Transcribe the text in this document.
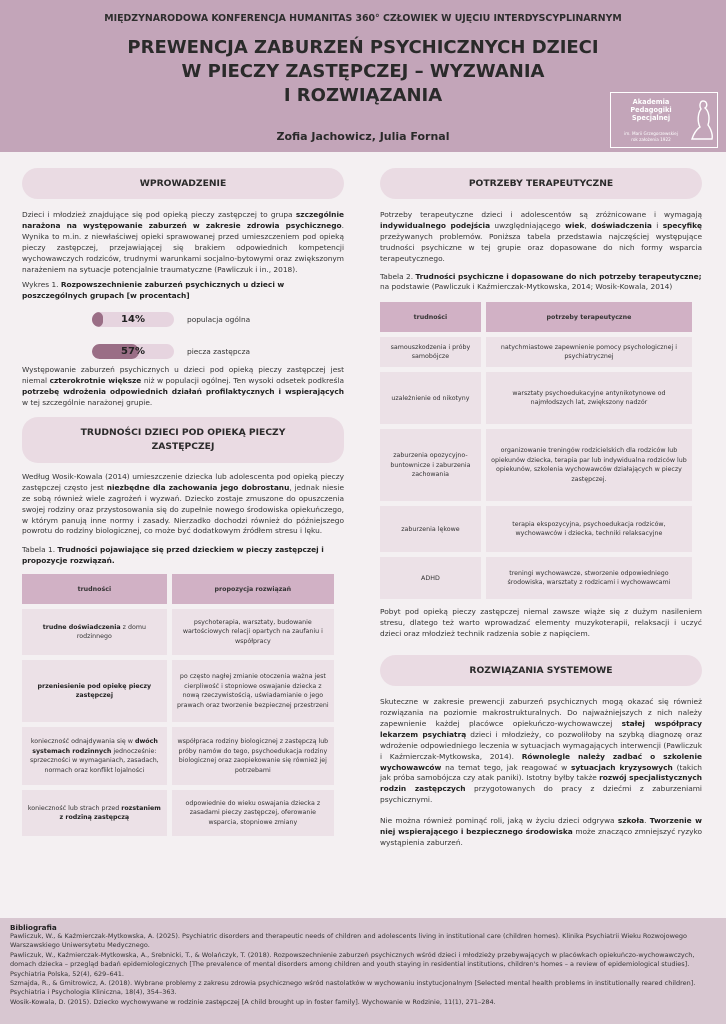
MIĘDZYNARODOWA KONFERENCJA HUMANITAS 360° CZŁOWIEK W UJĘCIU INTERDYSCYPLINARNYM
PREWENCJA ZABURZEŃ PSYCHICZNYCH DZIECI
W PIECZY ZASTĘPCZEJ – WYZWANIA
I ROZWIĄZANIA
Zofia Jachowicz, Julia Fornal
Akademia
Pedagogiki
Specjalnej
im. Marii Grzegorzewskiej
rok założenia 1922
WPROWADZENIE
Dzieci i młodzież znajdujące się pod opieką pieczy zastępczej to grupa szczególnie narażona na występowanie zaburzeń w zakresie zdrowia psychicznego. Wynika to m.in. z niewłaściwej opieki sprawowanej przed umieszczeniem pod opieką pieczy zastępczej, przejawiającej się brakiem odpowiednich kompetencji wychowawczych rodziców, trudnymi warunkami socjalno-bytowymi oraz zwiększonym narażeniem na sytuacje potencjalnie traumatyczne (Pawliczuk i in., 2018).
Wykres 1. Rozpowszechnienie zaburzeń psychicznych u dzieci w poszczególnych grupach [w procentach]
14%	populacja ogólna
57%	piecza zastępcza
Występowanie zaburzeń psychicznych u dzieci pod opieką pieczy zastępczej jest niemal czterokrotnie większe niż w populacji ogólnej. Ten wysoki odsetek podkreśla potrzebę wdrożenia odpowiednich działań profilaktycznych i wspierających w tej szczególnie narażonej grupie.
TRUDNOŚCI DZIECI POD OPIEKĄ PIECZY ZASTĘPCZEJ
Według Wosik-Kowala (2014) umieszczenie dziecka lub adolescenta pod opieką pieczy zastępczej często jest niezbędne dla zachowania jego dobrostanu, jednak niesie ze sobą również wiele zagrożeń i wyzwań. Dziecko zostaje zmuszone do opuszczenia swojej rodziny oraz przystosowania się do zupełnie nowego środowiska opiekuńczego, w którym panują inne normy i zasady. Nierzadko dochodzi również do późniejszego powrotu do rodziny biologicznej, co może być dodatkowym źródłem stresu i lęku.
Tabela 1. Trudności pojawiające się przed dzieckiem w pieczy zastępczej i propozycje rozwiązań.
trudności	propozycja rozwiązań
trudne doświadczenia z domu rodzinnego	psychoterapia, warsztaty, budowanie wartościowych relacji opartych na zaufaniu i współpracy
przeniesienie pod opiekę pieczy zastępczej	po często nagłej zmianie otoczenia ważna jest cierpliwość i stopniowe oswajanie dziecka z nową rzeczywistością, uświadamianie o jego prawach oraz tworzenie bezpiecznej przestrzeni
konieczność odnajdywania się w dwóch systemach rodzinnych jednocześnie: sprzeczności w wymaganiach, zasadach, normach oraz konflikt lojalności	współpraca rodziny biologicznej z zastępczą lub próby namów do tego, psychoedukacja rodziny biologicznej oraz zaopiekowanie się również jej potrzebami
konieczność lub strach przed rozstaniem z rodziną zastępczą	odpowiednie do wieku oswajania dziecka z zasadami pieczy zastępczej, oferowanie wsparcia, stopniowe zmiany
POTRZEBY TERAPEUTYCZNE
Potrzeby terapeutyczne dzieci i adolescentów są zróżnicowane i wymagają indywidualnego podejścia uwzględniającego wiek, doświadczenia i specyfikę przeżywanych problemów. Poniższa tabela przedstawia najczęściej występujące trudności psychiczne w tej grupie oraz dopasowane do nich formy wsparcia terapeutycznego.
Tabela 2. Trudności psychiczne i dopasowane do nich potrzeby terapeutyczne; na podstawie (Pawliczuk i Kaźmierczak-Mytkowska, 2014; Wosik-Kowala, 2014)
trudności	potrzeby terapeutyczne
samouszkodzenia i próby samobójcze	natychmiastowe zapewnienie pomocy psychologicznej i psychiatrycznej
uzależnienie od nikotyny	warsztaty psychoedukacyjne antynikotynowe od najmłodszych lat, zwiększony nadzór
zaburzenia opozycyjno-buntownicze i zaburzenia zachowania	organizowanie treningów rodzicielskich dla rodziców lub opiekunów dziecka, terapia par lub indywidualna rodziców lub opiekunów, szkolenia wychowawców działających w pieczy zastępczej.
zaburzenia lękowe	terapia ekspozycyjna, psychoedukacja rodziców, wychowawców i dziecka, techniki relaksacyjne
ADHD	treningi wychowawcze, stworzenie odpowiedniego środowiska, warsztaty z rodzicami i wychowawcami
Pobyt pod opieką pieczy zastępczej niemal zawsze wiąże się z dużym nasileniem stresu, dlatego też warto wprowadzać elementy muzykoterapii, relaksacji i uczyć dzieci oraz młodzież technik radzenia sobie z napięciem.
ROZWIĄZANIA SYSTEMOWE
Skuteczne w zakresie prewencji zaburzeń psychicznych mogą okazać się również rozwiązania na poziomie makrostrukturalnych. Do najważniejszych z nich należy zapewnienie każdej placówce opiekuńczo-wychowawczej stałej współpracy lekarzem psychiatrą dzieci i młodzieży, co pozwoliłoby na szybką diagnozę oraz wdrożenie odpowiedniego leczenia w sytuacjach wymagających interwencji (Pawliczuk i Kaźmierczak-Mytkowska, 2014). Równolegle należy zadbać o szkolenie wychowawców na temat tego, jak reagować w sytuacjach kryzysowych (takich jak próba samobójcza czy atak paniki). Istotny byłby także rozwój specjalistycznych rodzin zastępczych przygotowanych do pracy z dziećmi z zaburzeniami psychicznymi.
Nie można również pominąć roli, jaką w życiu dzieci odgrywa szkoła. Tworzenie w niej wspierającego i bezpiecznego środowiska może znacząco zmniejszyć ryzyko wystąpienia zaburzeń.
Bibliografia
Pawliczuk, W., & Kaźmierczak-Mytkowska, A. (2025). Psychiatric disorders and therapeutic needs of children and adolescents living in institutional care (children homes). Klinika Psychiatrii Wieku Rozwojowego Warszawskiego Uniwersytetu Medycznego.
Pawliczuk, W., Kaźmierczak-Mytkowska, A., Srebnicki, T., & Wolańczyk, T. (2018). Rozpowszechnienie zaburzeń psychicznych wśród dzieci i młodzieży przebywających w placówkach opiekuńczo-wychowawczych, domach dziecka – przegląd badań epidemiologicznych [The prevalence of mental disorders among children and youth staying in residential institutions, children's homes – a review of epidemiological studies]. Psychiatria Polska, 52(4), 629–641.
Szmajda, R., & Gmitrowicz, A. (2018). Wybrane problemy z zakresu zdrowia psychicznego wśród nastolatków w wychowaniu instytucjonalnym [Selected mental health problems in institutionally reared children]. Psychiatria i Psychologia Kliniczna, 18(4), 354–363.
Wosik-Kowala, D. (2015). Dziecko wychowywane w rodzinie zastępczej [A child brought up in foster family]. Wychowanie w Rodzinie, 11(1), 271–284.
